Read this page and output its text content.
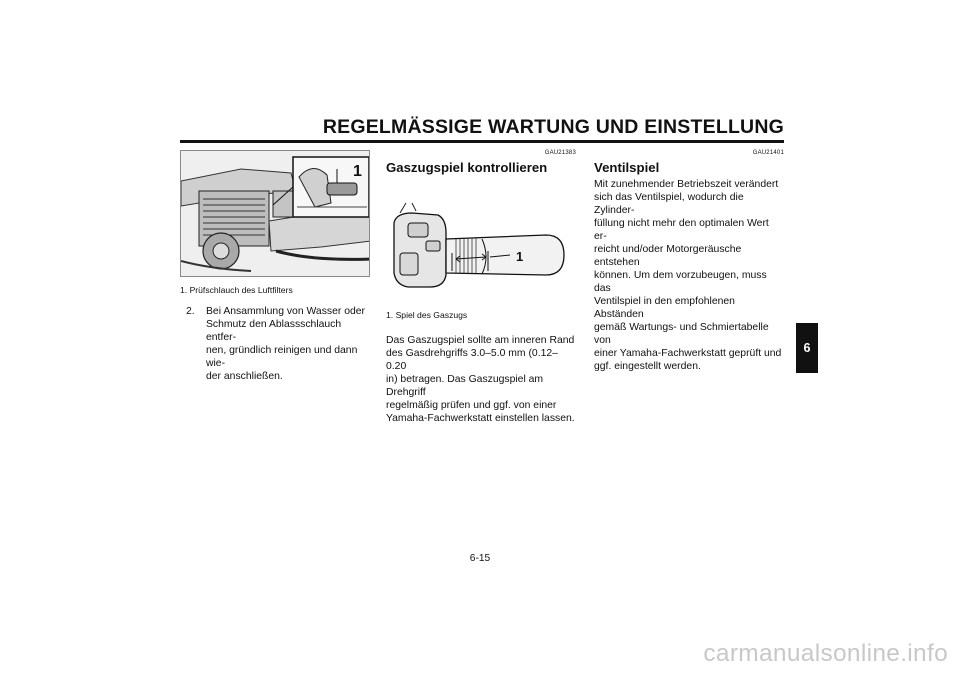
REGELMÄSSIGE WARTUNG UND EINSTELLUNG
1
1. Prüfschlauch des Luftfilters
2. Bei Ansammlung von Wasser oder
Schmutz den Ablassschlauch entfer-
nen, gründlich reinigen und dann wie-
der anschließen.
GAU21383
Gaszugspiel kontrollieren
1
1. Spiel des Gaszugs
Das Gaszugspiel sollte am inneren Rand
des Gasdrehgriffs 3.0–5.0 mm (0.12–0.20
in) betragen. Das Gaszugspiel am Drehgriff
regelmäßig prüfen und ggf. von einer
Yamaha-Fachwerkstatt einstellen lassen.
GAU21401
Ventilspiel
Mit zunehmender Betriebszeit verändert
sich das Ventilspiel, wodurch die Zylinder-
füllung nicht mehr den optimalen Wert er-
reicht und/oder Motorgeräusche entstehen
können. Um dem vorzubeugen, muss das
Ventilspiel in den empfohlenen Abständen
gemäß Wartungs- und Schmiertabelle von
einer Yamaha-Fachwerkstatt geprüft und
ggf. eingestellt werden.
6
6-15
carmanualsonline.info
